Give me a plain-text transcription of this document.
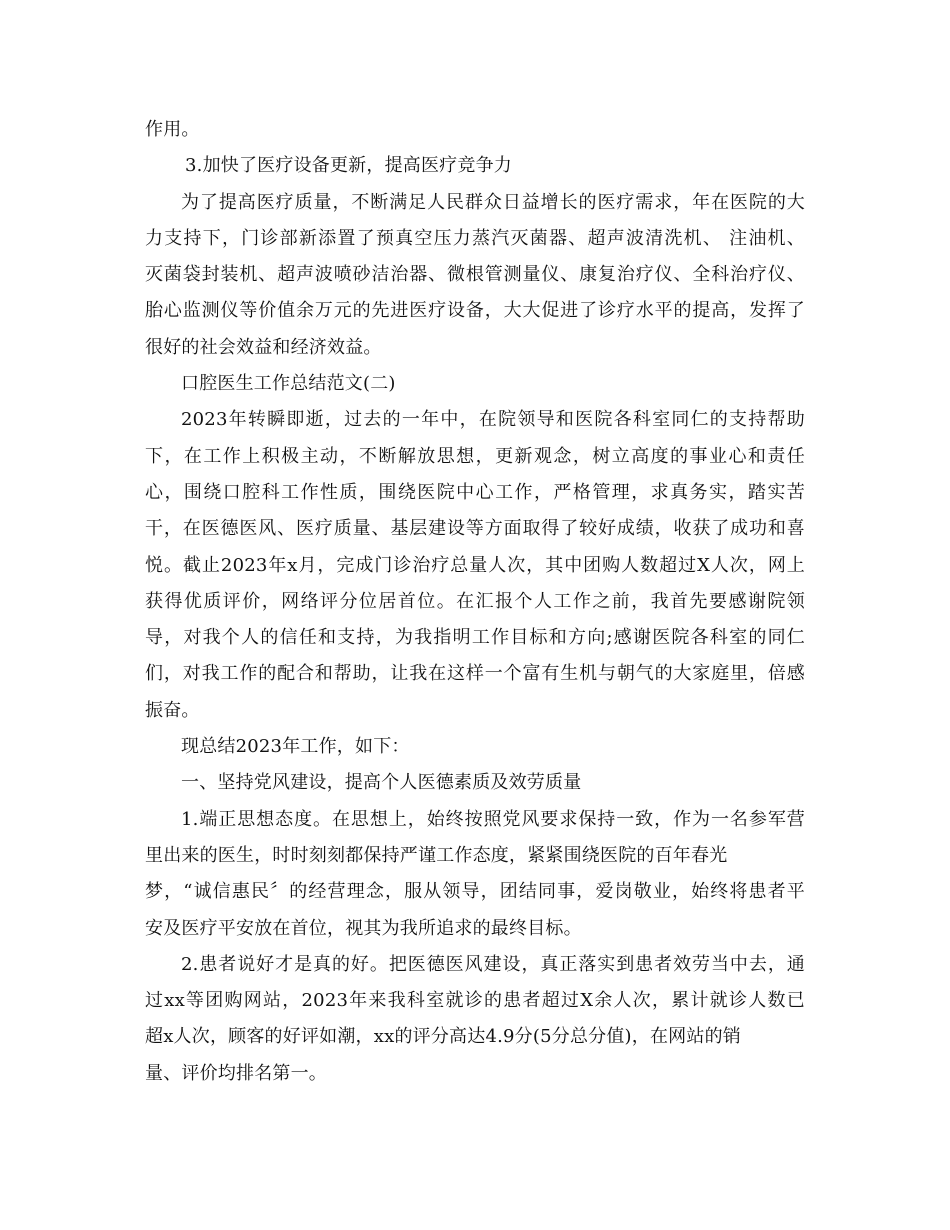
作用。
3.加快了医疗设备更新，提高医疗竞争力
为了提高医疗质量，不断满足人民群众日益增长的医疗需求，年在医院的大
力支持下，门诊部新添置了预真空压力蒸汽灭菌器、超声波清洗机、 注油机、
灭菌袋封装机、超声波喷砂洁治器、微根管测量仪、康复治疗仪、全科治疗仪、
胎心监测仪等价值余万元的先进医疗设备，大大促进了诊疗水平的提高，发挥了
很好的社会效益和经济效益。
口腔医生工作总结范文(二)
2023年转瞬即逝，过去的一年中，在院领导和医院各科室同仁的支持帮助
下，在工作上积极主动，不断解放思想，更新观念，树立高度的事业心和责任
心，围绕口腔科工作性质，围绕医院中心工作，严格管理，求真务实，踏实苦
干，在医德医风、医疗质量、基层建设等方面取得了较好成绩，收获了成功和喜
悦。截止2023年x月，完成门诊治疗总量人次，其中团购人数超过X人次，网上
获得优质评价，网络评分位居首位。在汇报个人工作之前，我首先要感谢院领
导，对我个人的信任和支持，为我指明工作目标和方向;感谢医院各科室的同仁
们，对我工作的配合和帮助，让我在这样一个富有生机与朝气的大家庭里，倍感
振奋。
现总结2023年工作，如下：
一、坚持党风建设，提高个人医德素质及效劳质量
1.端正思想态度。在思想上，始终按照党风要求保持一致，作为一名参军营
里出来的医生，时时刻刻都保持严谨工作态度，紧紧围绕医院的百年春光
梦，“诚信惠民〞的经营理念，服从领导，团结同事，爱岗敬业，始终将患者平
安及医疗平安放在首位，视其为我所追求的最终目标。
2.患者说好才是真的好。把医德医风建设，真正落实到患者效劳当中去，通
过xx等团购网站，2023年来我科室就诊的患者超过X余人次，累计就诊人数已
超x人次，顾客的好评如潮，xx的评分高达4.9分(5分总分值)，在网站的销
量、评价均排名第一。
